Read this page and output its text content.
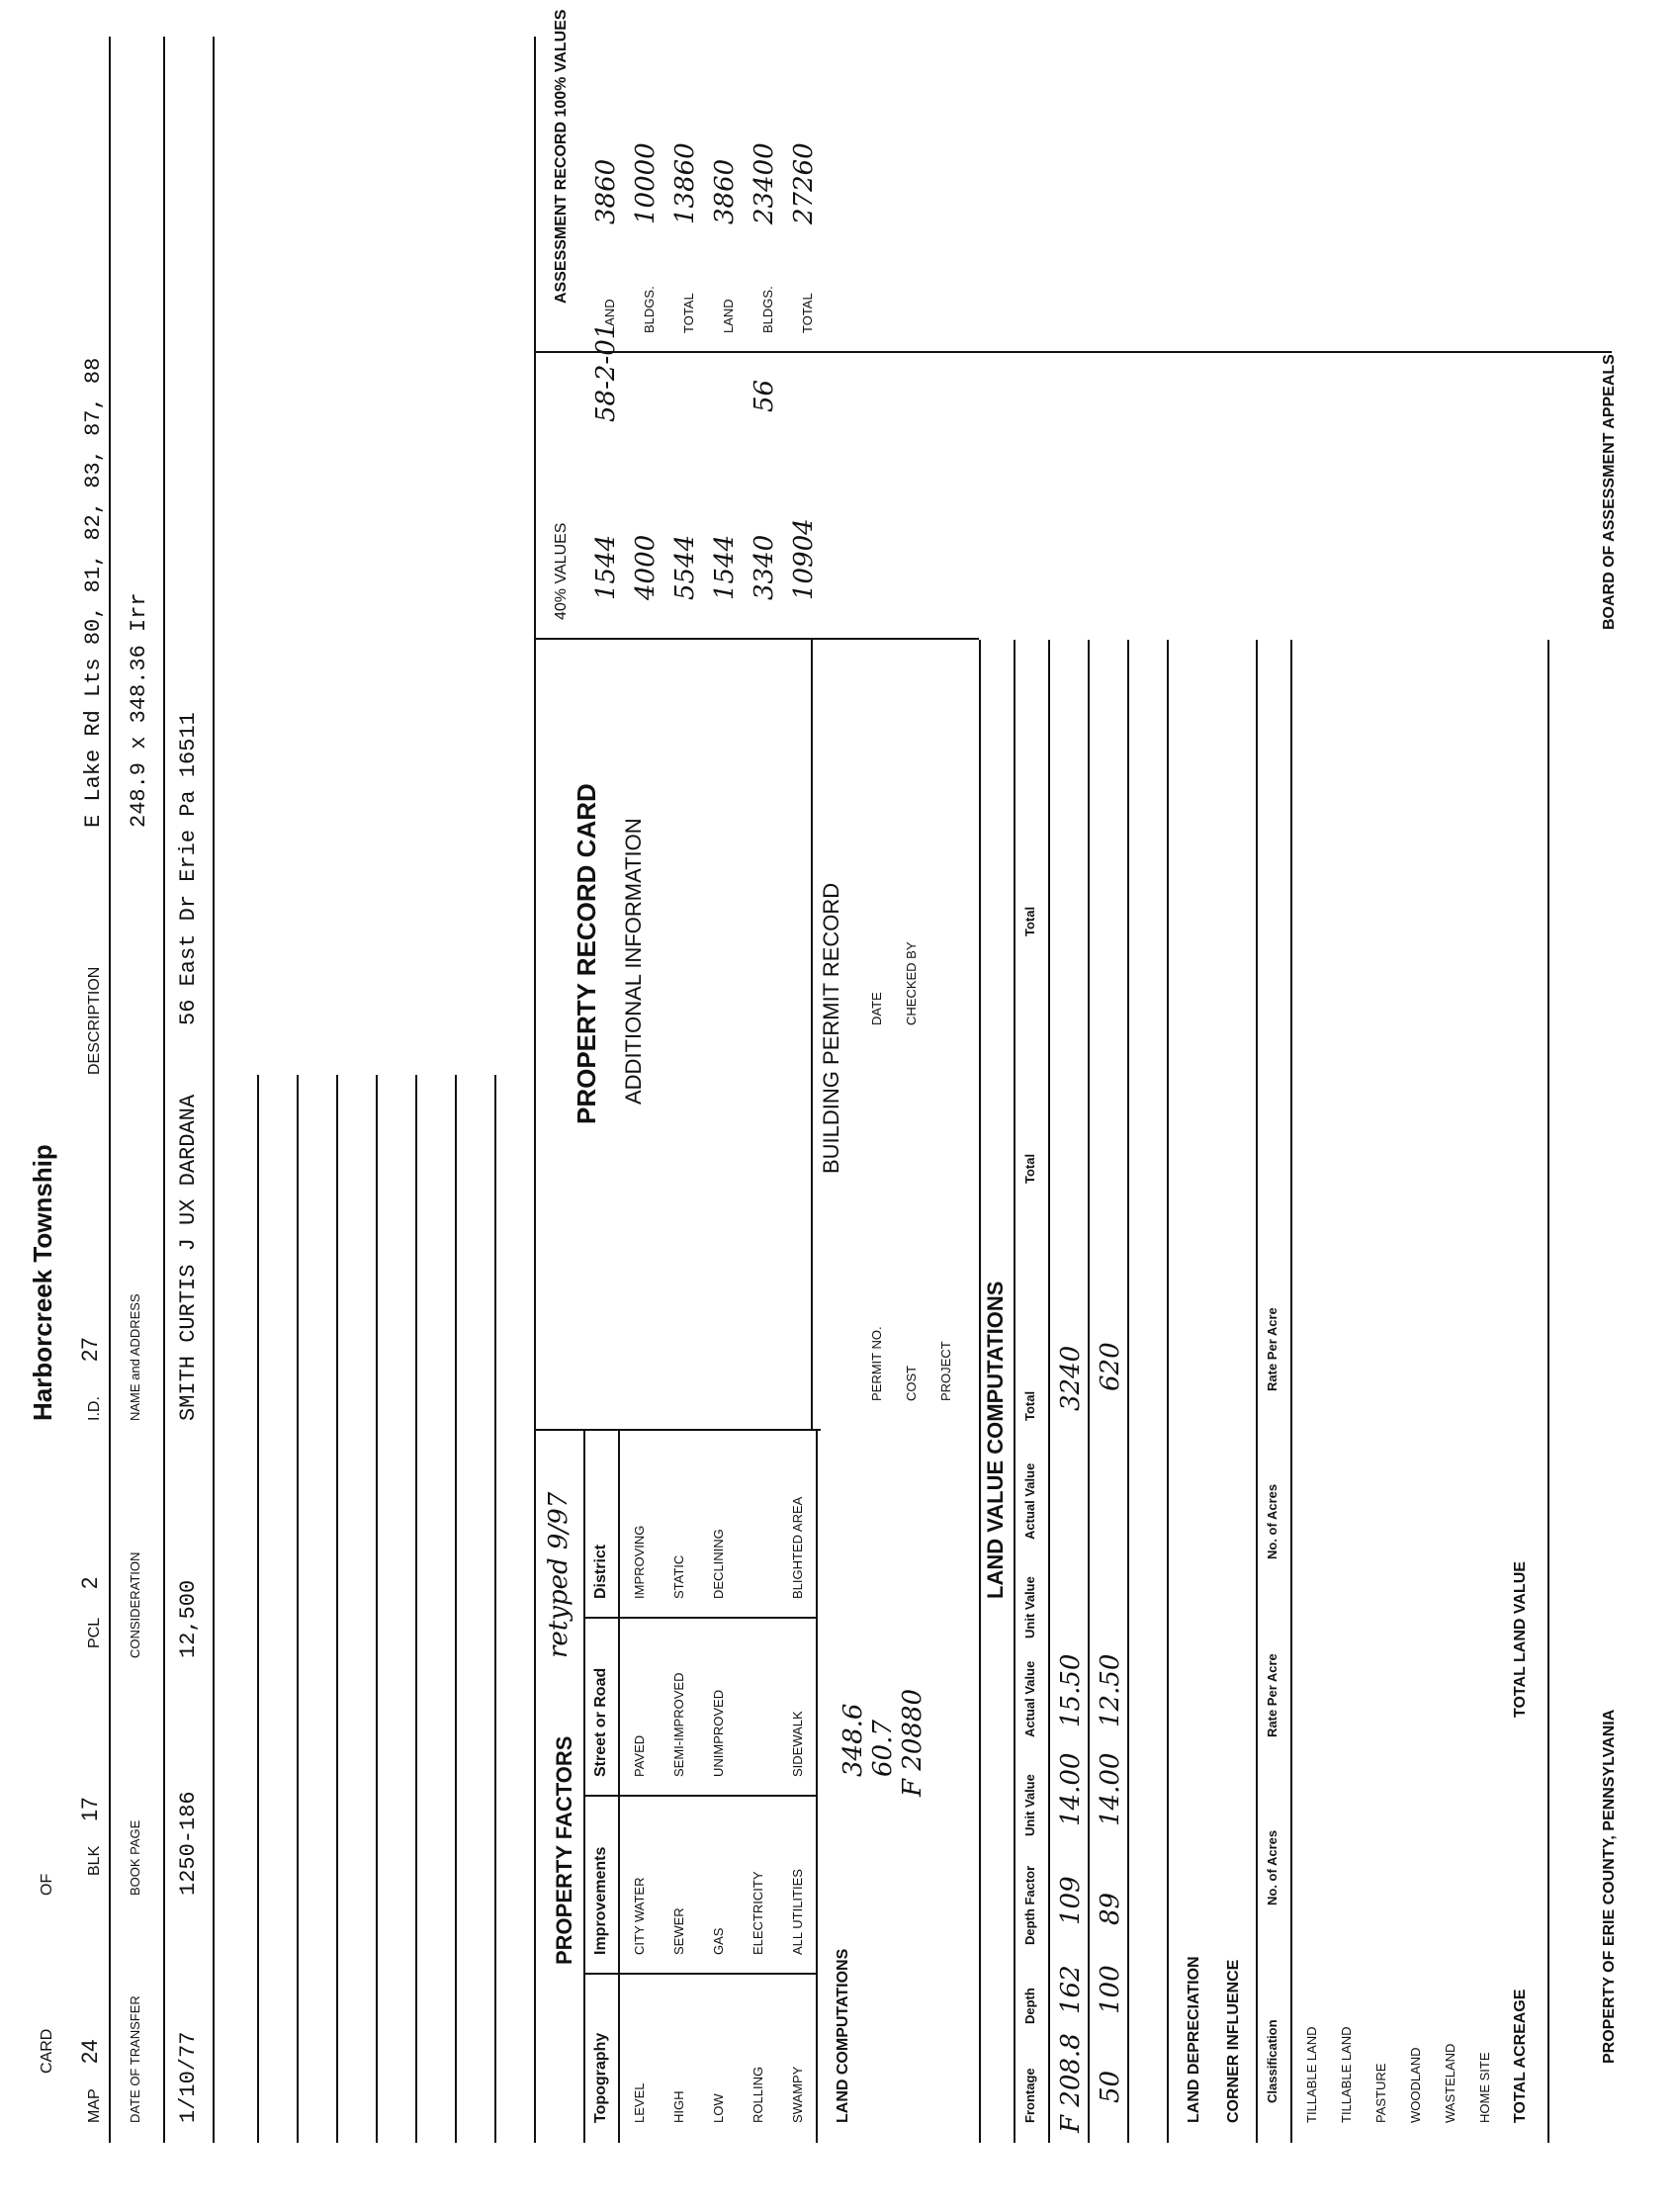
MAP
24
BLK
17
PCL
2
I.D.
27
DESCRIPTION
E Lake Rd Lts 80, 81, 82, 83, 87, 88 248.9 x 348.36 Irr
CARD
OF
Harborcreek Township
DATE OF TRANSFER
BOOK PAGE
CONSIDERATION
NAME and ADDRESS
1/10/77
1250-186
12,500
SMITH CURTIS J UX DARDANA
56 East Dr Erie Pa 16511
PROPERTY FACTORS
retyped 9/97
Topography
Improvements
Street or Road
District
LEVEL
CITY WATER
PAVED
IMPROVING
HIGH
SEWER
SEMI-IMPROVED
STATIC
LOW
GAS
UNIMPROVED
DECLINING
ROLLING
ELECTRICITY
SWAMPY
ALL UTILITIES
SIDEWALK
BLIGHTED AREA
PROPERTY RECORD CARD ADDITIONAL INFORMATION	BUILDING PERMIT RECORD
PERMIT NO. COST PROJECT
DATE CHECKED BY
40% VALUES 1544 4000 5544 1544 3340 10904
ASSESSMENT RECORD 100% VALUES
58-2-01	56
LAND BLDGS. TOTAL LAND BLDGS. TOTAL
3860 10000 13860 3860 23400 27260
LAND COMPUTATIONS
348.6 60.7 F 20880
LAND VALUE COMPUTATIONS
Frontage
Depth
Depth Factor
Unit Value
Actual Value
Unit Value
Actual Value
Total
Total
Total
F 208.8
162
109
14.00
15.50
3240
50
100
89
14.00
12.50
620
LAND DEPRECIATION CORNER INFLUENCE Classification
No. of Acres
Rate Per Acre
No. of Acres
Rate Per Acre
TILLABLE LAND TILLABLE LAND PASTURE WOODLAND WASTELAND HOME SITE TOTAL ACREAGE
TOTAL LAND VALUE
PROPERTY OF ERIE COUNTY, PENNSYLVANIA
BOARD OF ASSESSMENT APPEALS
